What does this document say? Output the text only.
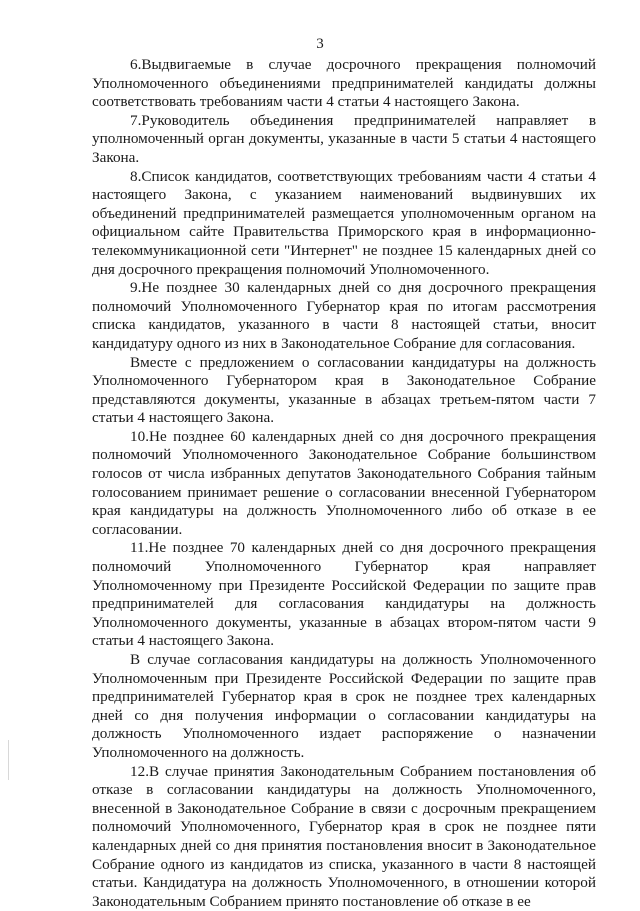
3

6.Выдвигаемые в случае досрочного прекращения полномочий Уполномоченного объединениями предпринимателей кандидаты должны соответствовать требованиям части 4 статьи 4 настоящего Закона.

7.Руководитель объединения предпринимателей направляет в уполномоченный орган документы, указанные в части 5 статьи 4 настоящего Закона.

8.Список кандидатов, соответствующих требованиям части 4 статьи 4 настоящего Закона, с указанием наименований выдвинувших их объединений предпринимателей размещается уполномоченным органом на официальном сайте Правительства Приморского края в информационно-телекоммуникационной сети "Интернет" не позднее 15 календарных дней со дня досрочного прекращения полномочий Уполномоченного.

9.Не позднее 30 календарных дней со дня досрочного прекращения полномочий Уполномоченного Губернатор края по итогам рассмотрения списка кандидатов, указанного в части 8 настоящей статьи, вносит кандидатуру одного из них в Законодательное Собрание для согласования.

Вместе с предложением о согласовании кандидатуры на должность Уполномоченного Губернатором края в Законодательное Собрание представляются документы, указанные в абзацах третьем-пятом части 7 статьи 4 настоящего Закона.

10.Не позднее 60 календарных дней со дня досрочного прекращения полномочий Уполномоченного Законодательное Собрание большинством голосов от числа избранных депутатов Законодательного Собрания тайным голосованием принимает решение о согласовании внесенной Губернатором края кандидатуры на должность Уполномоченного либо об отказе в ее согласовании.

11.Не позднее 70 календарных дней со дня досрочного прекращения полномочий Уполномоченного Губернатор края направляет Уполномоченному при Президенте Российской Федерации по защите прав предпринимателей для согласования кандидатуры на должность Уполномоченного документы, указанные в абзацах втором-пятом части 9 статьи 4 настоящего Закона.

В случае согласования кандидатуры на должность Уполномоченного Уполномоченным при Президенте Российской Федерации по защите прав предпринимателей Губернатор края в срок не позднее трех календарных дней со дня получения информации о согласовании кандидатуры на должность Уполномоченного издает распоряжение о назначении Уполномоченного на должность.

12.В случае принятия Законодательным Собранием постановления об отказе в согласовании кандидатуры на должность Уполномоченного, внесенной в Законодательное Собрание в связи с досрочным прекращением полномочий Уполномоченного, Губернатор края в срок не позднее пяти календарных дней со дня принятия постановления вносит в Законодательное Собрание одного из кандидатов из списка, указанного в части 8 настоящей статьи. Кандидатура на должность Уполномоченного, в отношении которой Законодательным Собранием принято постановление об отказе в ее
